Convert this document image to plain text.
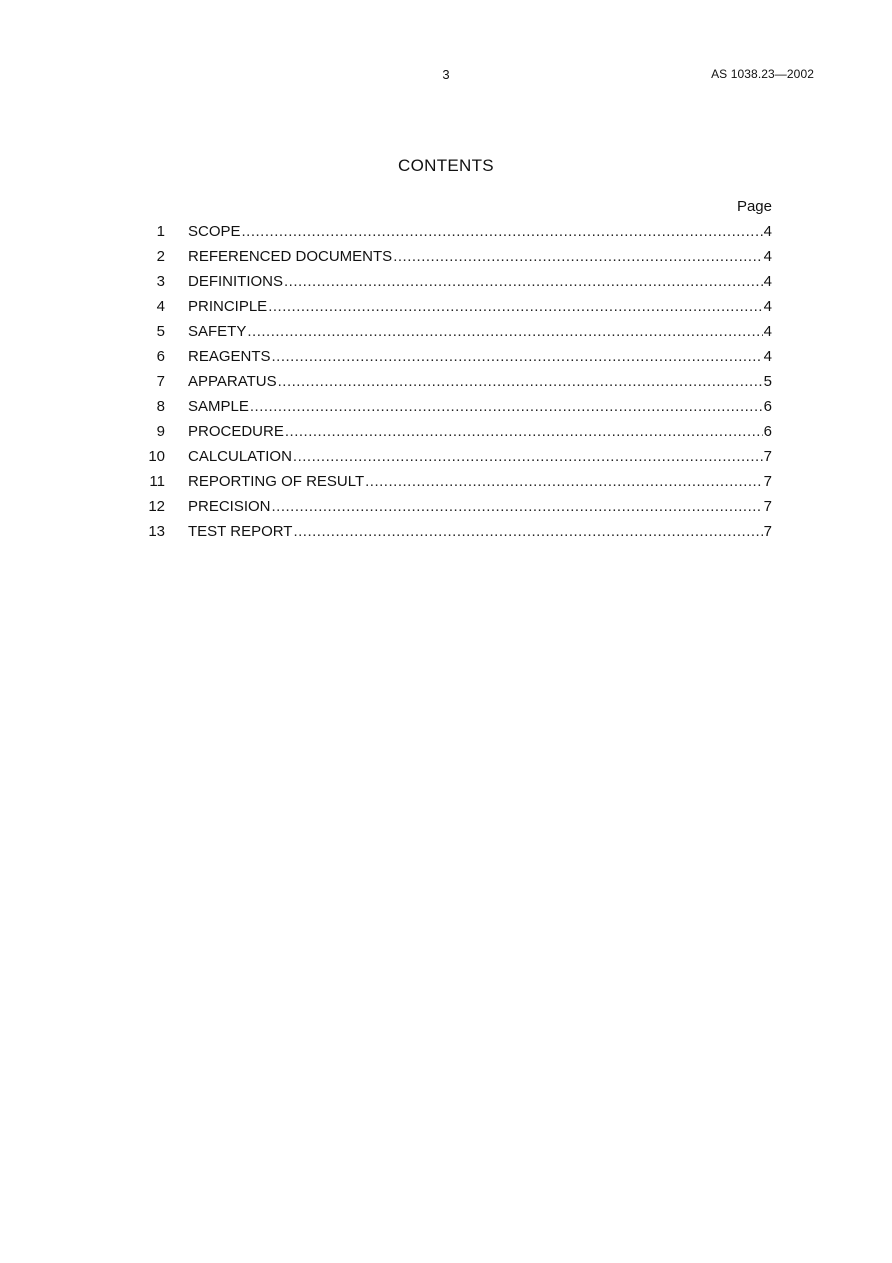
3	AS 1038.23—2002
CONTENTS
Page
1 SCOPE .....	4
2 REFERENCED DOCUMENTS .....	4
3 DEFINITIONS .....	4
4 PRINCIPLE .....	4
5 SAFETY .....	4
6 REAGENTS .....	4
7 APPARATUS .....	5
8 SAMPLE .....	6
9 PROCEDURE .....	6
10 CALCULATION .....	7
11 REPORTING OF RESULT .....	7
12 PRECISION .....	7
13 TEST REPORT .....	7
